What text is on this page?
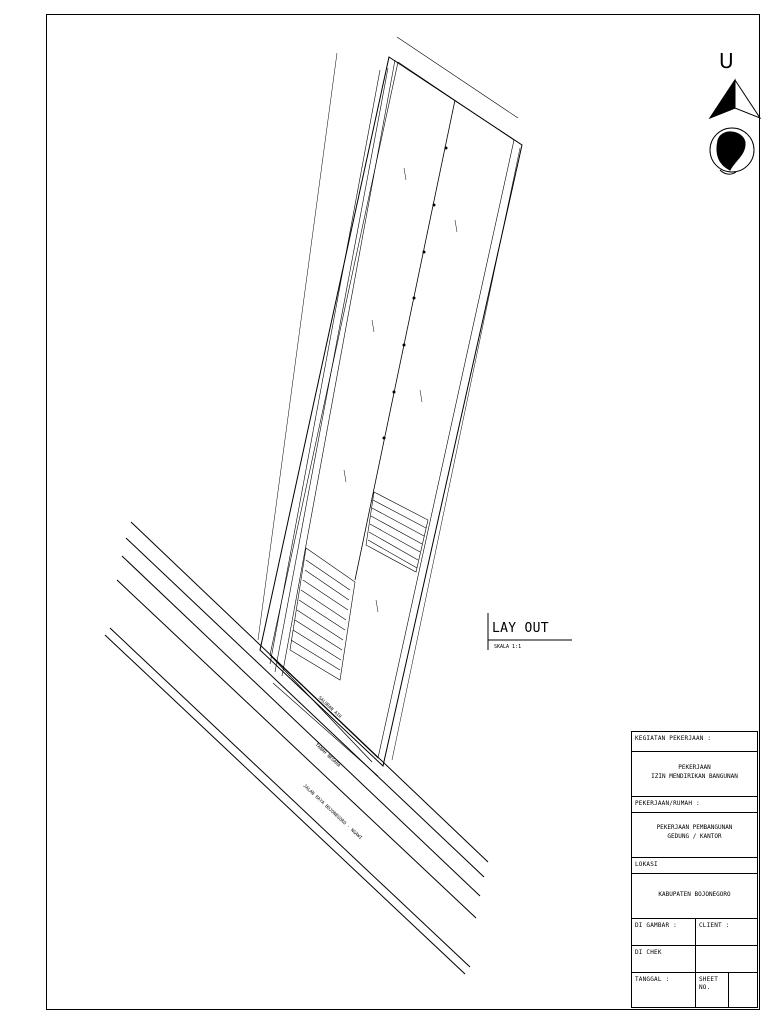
SALURAN AIR
TANAH NEGARA
JALAN RAYA BOJONEGORO - NGAWI
U
LAY OUT
SKALA 1:1
KEGIATAN PEKERJAAN :
PEKERJAAN
IZIN MENDIRIKAN BANGUNAN
PEKERJAAN/RUMAH :
PEKERJAAN PEMBANGUNAN
GEDUNG / KANTOR
LOKASI
KABUPATEN BOJONEGORO
DI GAMBAR :	CLIENT :
DI CHEK
TANGGAL :	SHEET NO.
